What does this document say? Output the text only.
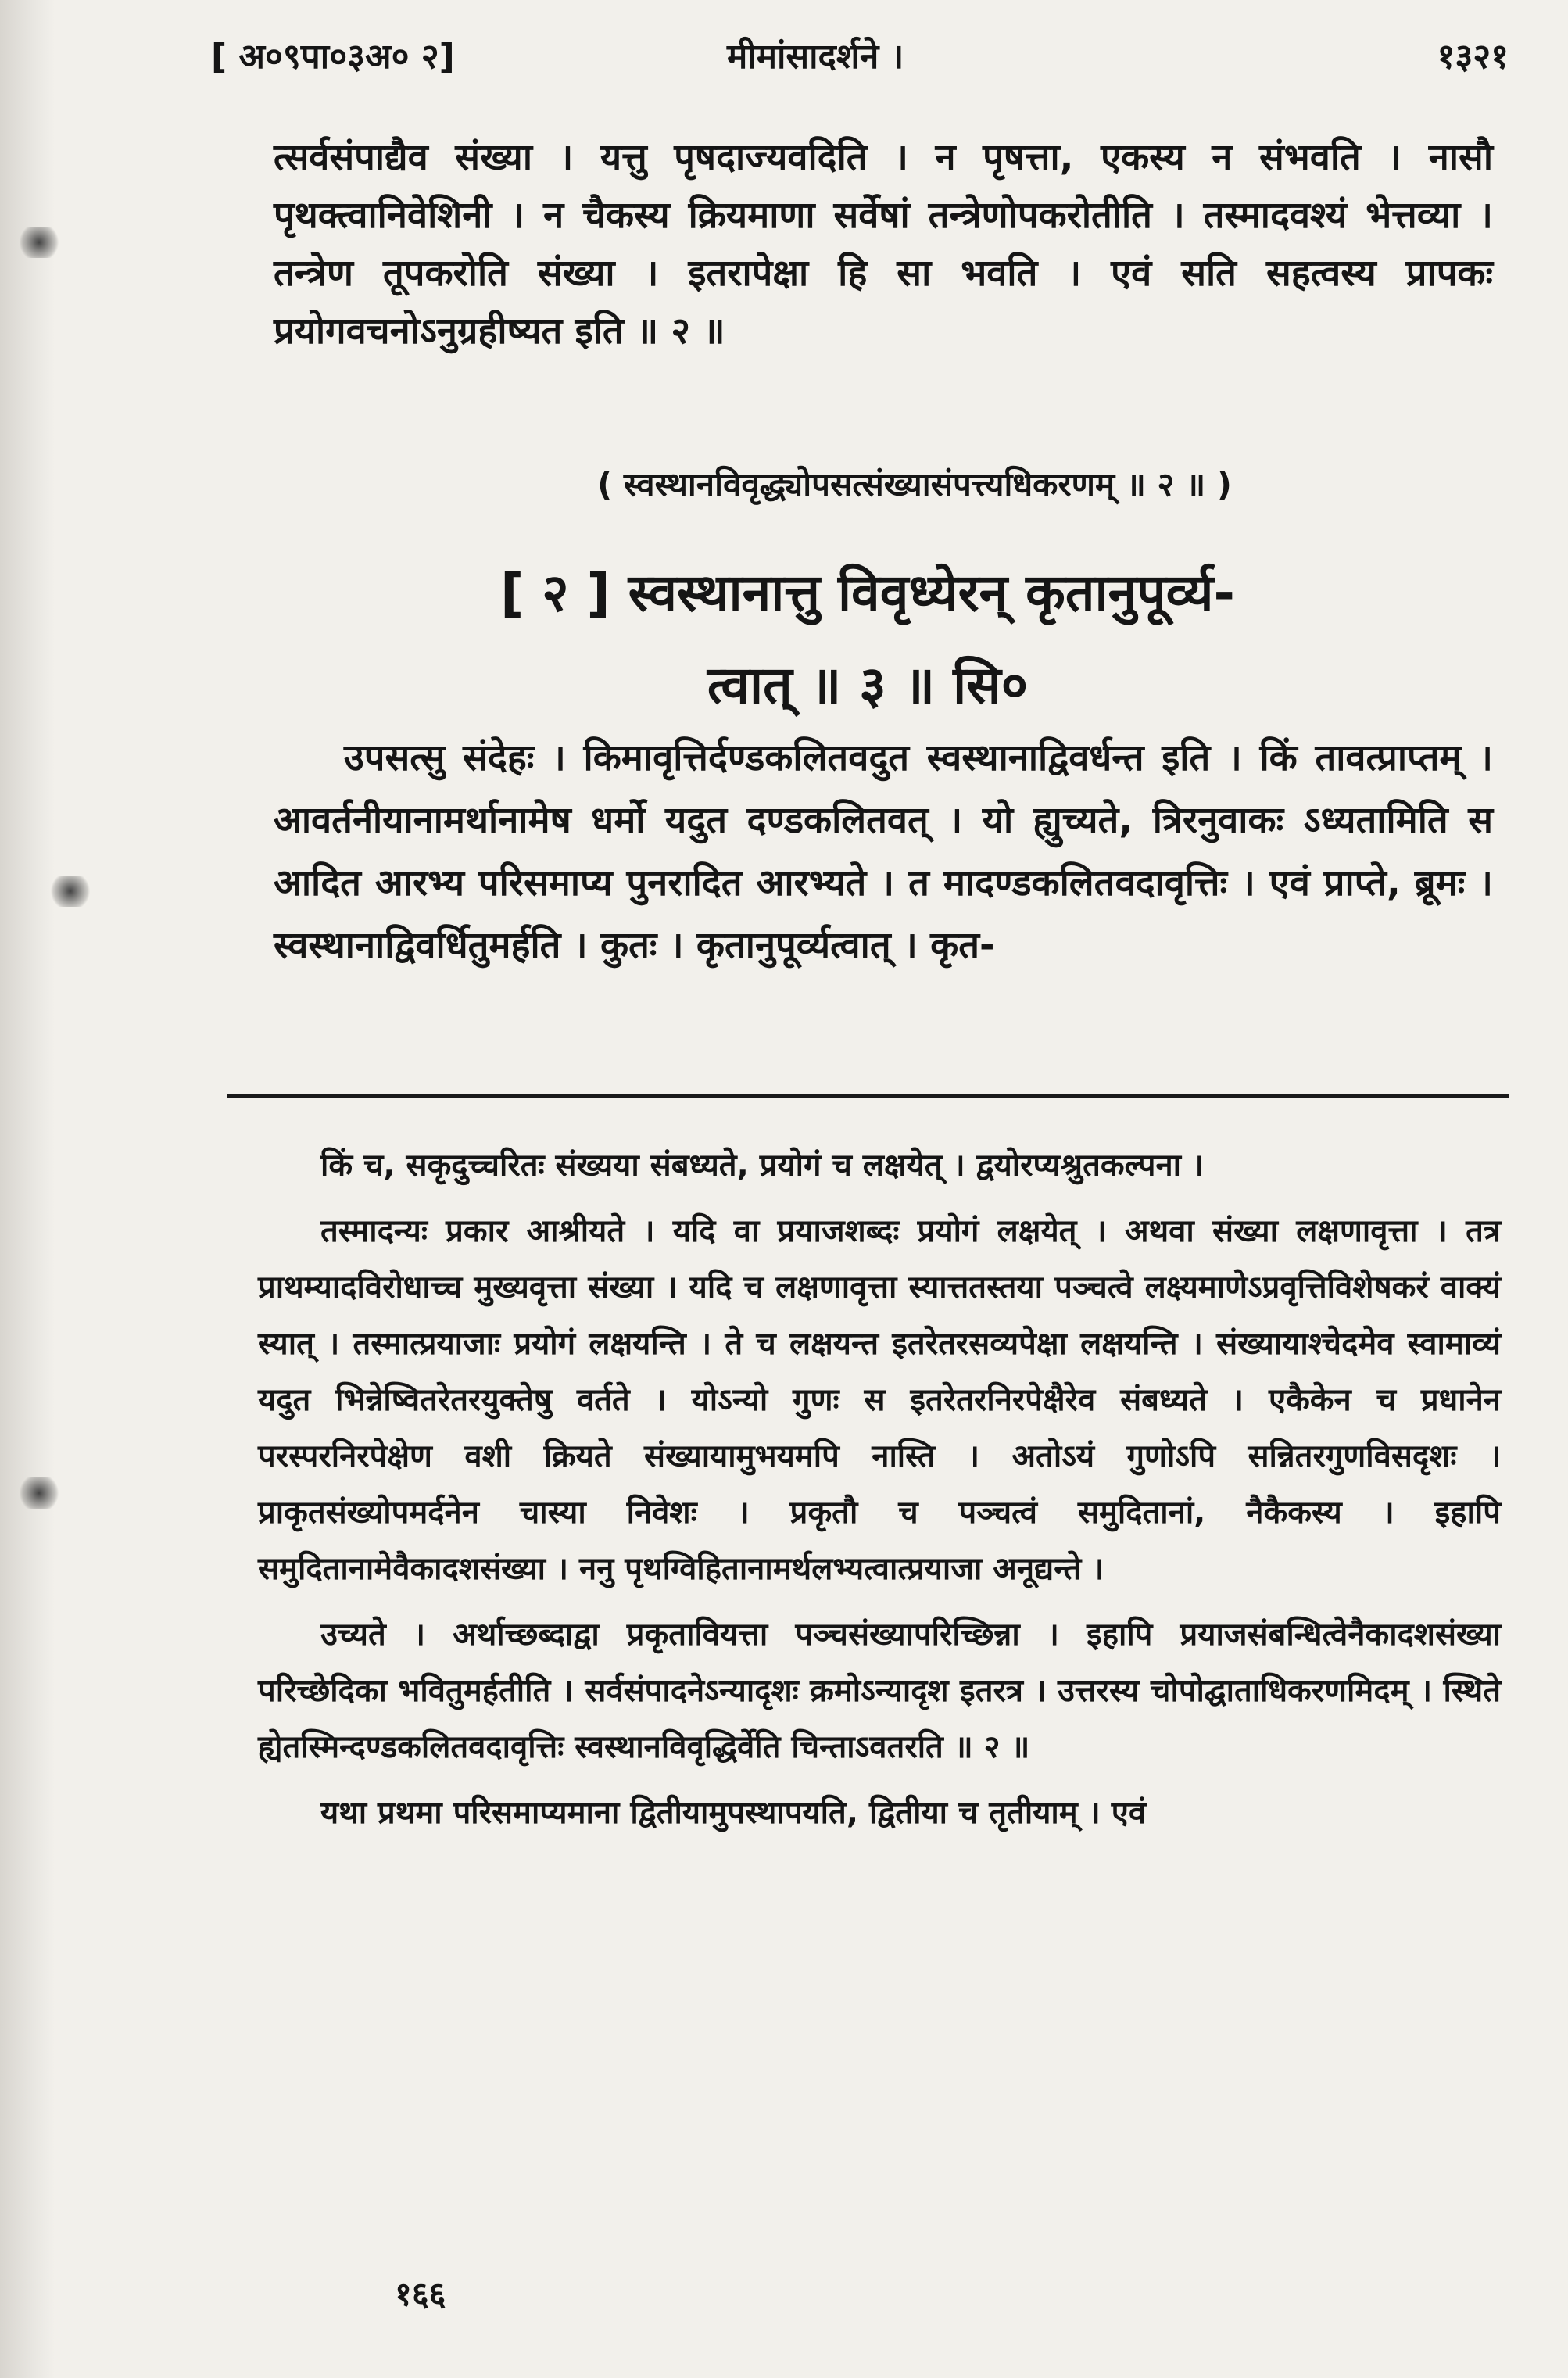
[ अ०९पा०३अ० २]	मीमांसादर्शने ।	१३२१
त्सर्वसंपाद्यैव संख्या । यत्तु पृषदाज्यवदिति । न पृषत्ता, एकस्य न संभवति । नासौ पृथक्त्वानिवेशिनी । न चैकस्य क्रियमाणा सर्वेषां तन्त्रेणोपकरोतीति । तस्मादवश्यं भेत्तव्या । तन्त्रेण तूपकरोति संख्या । इतरापेक्षा हि सा भवति । एवं सति सहत्वस्य प्रापकः प्रयोगवचनोऽनुग्रहीष्यत इति ॥ २ ॥
( स्वस्थानविवृद्ध्योपसत्संख्यासंपत्त्यधिकरणम् ॥ २ ॥ )
[ २ ] स्वस्थानात्तु विवृध्येरन् कृतानुपूर्व्य-
त्वात् ॥ ३ ॥ सि०
उपसत्सु संदेहः । किमावृत्तिर्दण्डकलितवदुत स्वस्थानाद्विवर्धन्त इति । किं तावत्प्राप्तम् । आवर्तनीयानामर्थानामेष धर्मो यदुत दण्डकलितवत् । यो ह्युच्यते, त्रिरनुवाकः ऽध्यतामिति स आदित आरभ्य परिसमाप्य पुनरादित आरभ्यते । त मादण्डकलितवदावृत्तिः । एवं प्राप्ते, ब्रूमः । स्वस्थानाद्विवर्धितुमर्हति । कुतः । कृतानुपूर्व्यत्वात् । कृत-

किं च, सकृदुच्चरितः संख्यया संबध्यते, प्रयोगं च लक्षयेत् । द्वयोरप्यश्रुतकल्पना ।

तस्मादन्यः प्रकार आश्रीयते । यदि वा प्रयाजशब्दः प्रयोगं लक्षयेत् । अथवा संख्या लक्षणावृत्ता । तत्र प्राथम्यादविरोधाच्च मुख्यवृत्ता संख्या । यदि च लक्षणावृत्ता स्यात्ततस्तया पञ्चत्वे लक्ष्यमाणेऽप्रवृत्तिविशेषकरं वाक्यं स्यात् । तस्मात्प्रयाजाः प्रयोगं लक्षयन्ति । ते च लक्षयन्त इतरेतरसव्यपेक्षा लक्षयन्ति । संख्यायाश्चेदमेव स्वामाव्यं यदुत भिन्नेष्वितरेतरयुक्तेषु वर्तते । योऽन्यो गुणः स इतरेतरनिरपेक्षैरेव संबध्यते । एकैकेन च प्रधानेन परस्परनिरपेक्षेण वशी क्रियते संख्यायामुभयमपि नास्ति । अतोऽयं गुणोऽपि सन्नितरगुणविसदृशः । प्राकृतसंख्योपमर्दनेन चास्या निवेशः । प्रकृतौ च पञ्चत्वं समुदितानां, नैकैकस्य । इहापि समुदितानामेवैकादशसंख्या । ननु पृथग्विहितानामर्थलभ्यत्वात्प्रयाजा अनूद्यन्ते ।

उच्यते । अर्थाच्छब्दाद्वा प्रकृतावियत्ता पञ्चसंख्यापरिच्छिन्ना । इहापि प्रयाजसंबन्धित्वेनैकादशसंख्या परिच्छेदिका भवितुमर्हतीति । सर्वसंपादनेऽन्यादृशः क्रमोऽन्यादृश इतरत्र । उत्तरस्य चोपोद्घाताधिकरणमिदम् । स्थिते ह्येतस्मिन्दण्डकलितवदावृत्तिः स्वस्थानविवृद्धिर्वेति चिन्ताऽवतरति ॥ २ ॥

यथा प्रथमा परिसमाप्यमाना द्वितीयामुपस्थापयति, द्वितीया च तृतीयाम् । एवं

१६६
